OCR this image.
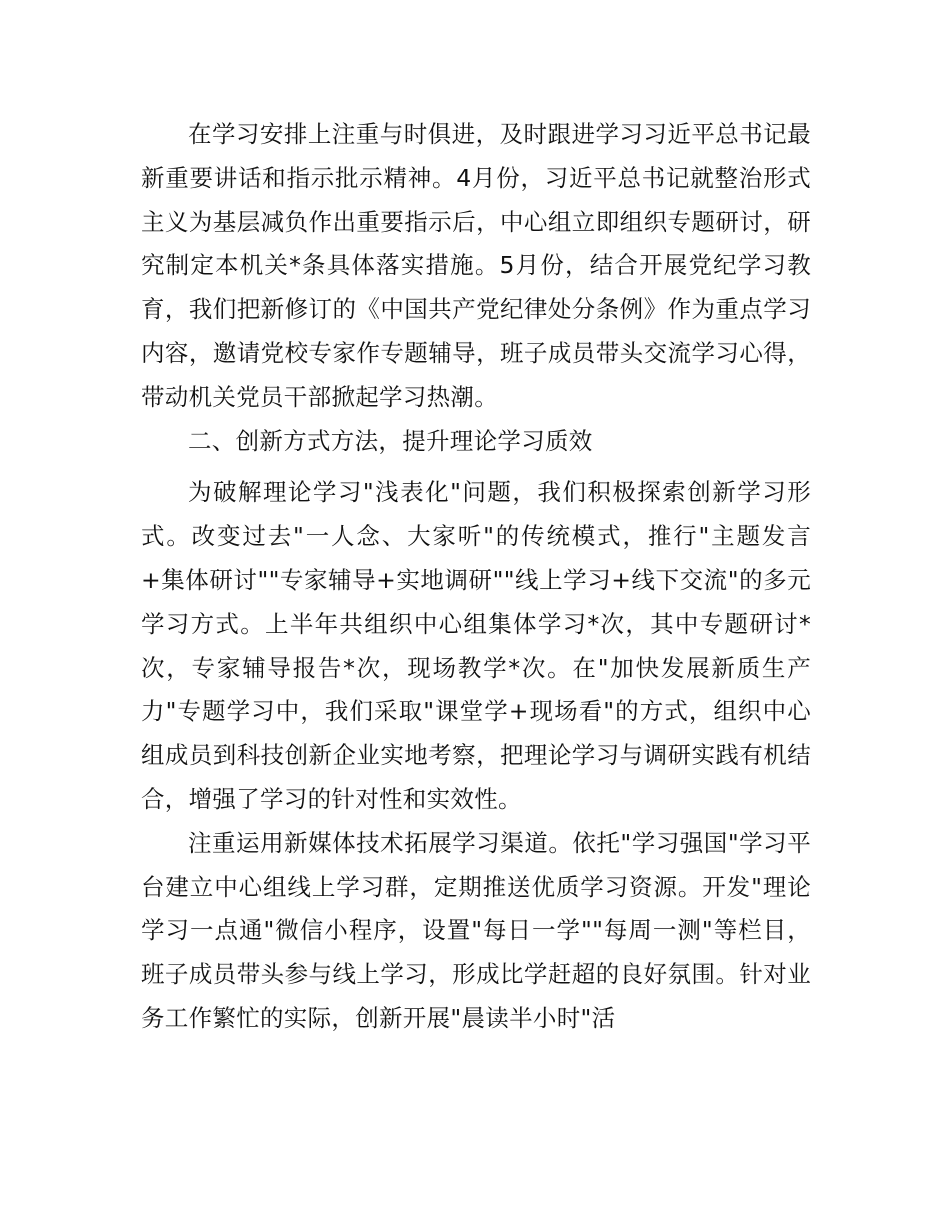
在学习安排上注重与时俱进，及时跟进学习习近平总书记最新重要讲话和指示批示精神。4月份，习近平总书记就整治形式主义为基层减负作出重要指示后，中心组立即组织专题研讨，研究制定本机关*条具体落实措施。5月份，结合开展党纪学习教育，我们把新修订的《中国共产党纪律处分条例》作为重点学习内容，邀请党校专家作专题辅导，班子成员带头交流学习心得，带动机关党员干部掀起学习热潮。

二、创新方式方法，提升理论学习质效

为破解理论学习"浅表化"问题，我们积极探索创新学习形式。改变过去"一人念、大家听"的传统模式，推行"主题发言+集体研讨""专家辅导+实地调研""线上学习+线下交流"的多元学习方式。上半年共组织中心组集体学习*次，其中专题研讨*次，专家辅导报告*次，现场教学*次。在"加快发展新质生产力"专题学习中，我们采取"课堂学+现场看"的方式，组织中心组成员到科技创新企业实地考察，把理论学习与调研实践有机结合，增强了学习的针对性和实效性。

注重运用新媒体技术拓展学习渠道。依托"学习强国"学习平台建立中心组线上学习群，定期推送优质学习资源。开发"理论学习一点通"微信小程序，设置"每日一学""每周一测"等栏目，班子成员带头参与线上学习，形成比学赶超的良好氛围。针对业务工作繁忙的实际，创新开展"晨读半小时"活
